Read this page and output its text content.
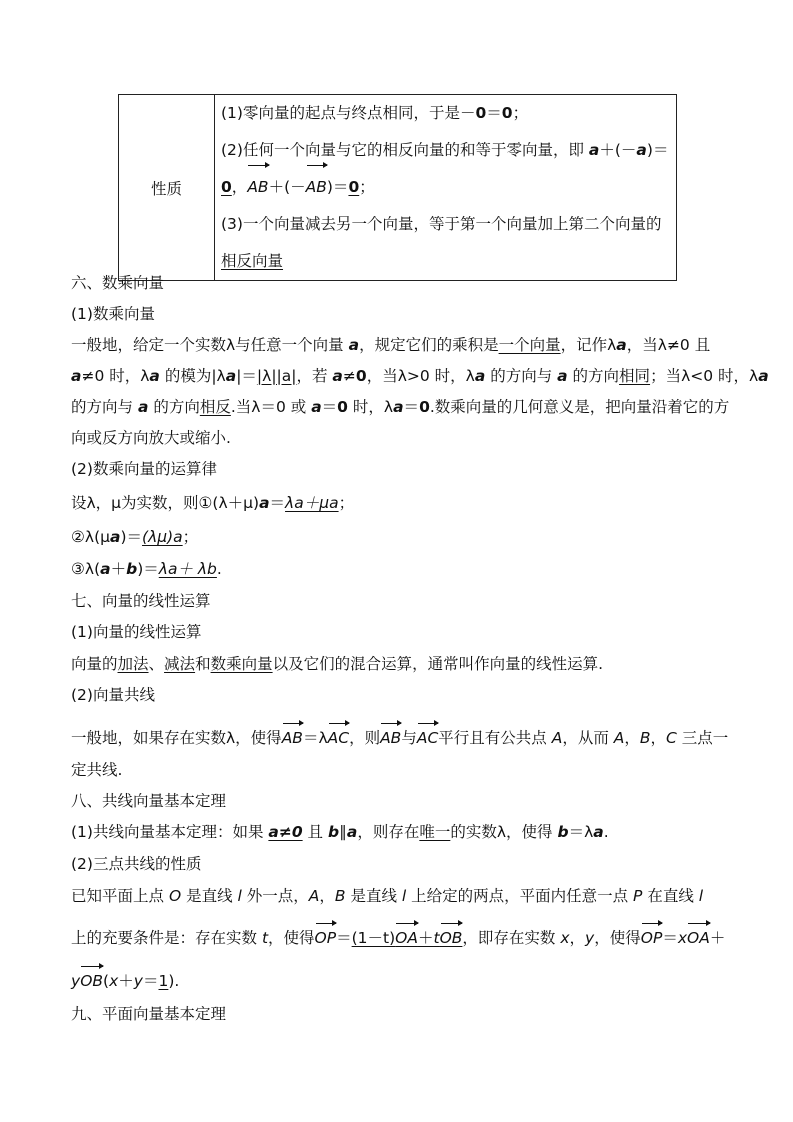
性质	
(1)零向量的起点与终点相同，于是－0＝0；
(2)任何一个向量与它的相反向量的和等于零向量，即 a＋(－a)＝
0，AB＋(－AB)＝0；
(3)一个向量减去另一个向量，等于第一个向量加上第二个向量的
相反向量
六、数乘向量
(1)数乘向量
一般地，给定一个实数λ与任意一个向量 a，规定它们的乘积是一个向量，记作λa，当λ≠0 且
a≠0 时，λa 的模为|λa|＝|λ||a|，若 a≠0，当λ>0 时，λa 的方向与 a 的方向相同；当λ<0 时，λa
的方向与 a 的方向相反.当λ＝0 或 a＝0 时，λa＝0.数乘向量的几何意义是，把向量沿着它的方
向或反方向放大或缩小.
(2)数乘向量的运算律
设λ，μ为实数，则①(λ＋μ)a＝λa＋μa；
②λ(μa)＝(λμ)a；
③λ(a＋b)＝λa＋ λb.
七、向量的线性运算
(1)向量的线性运算
向量的加法、减法和数乘向量以及它们的混合运算，通常叫作向量的线性运算.
(2)向量共线
一般地，如果存在实数λ，使得AB＝λAC，则AB与AC平行且有公共点 A，从而 A，B，C 三点一
定共线.
八、共线向量基本定理
(1)共线向量基本定理：如果 a≠0 且 b∥a，则存在唯一的实数λ，使得 b＝λa.
(2)三点共线的性质
已知平面上点 O 是直线 l 外一点，A，B 是直线 l 上给定的两点，平面内任意一点 P 在直线 l
上的充要条件是：存在实数 t，使得OP＝(1－t)OA＋tOB，即存在实数 x，y，使得OP＝xOA＋
yOB(x＋y＝1).
九、平面向量基本定理
